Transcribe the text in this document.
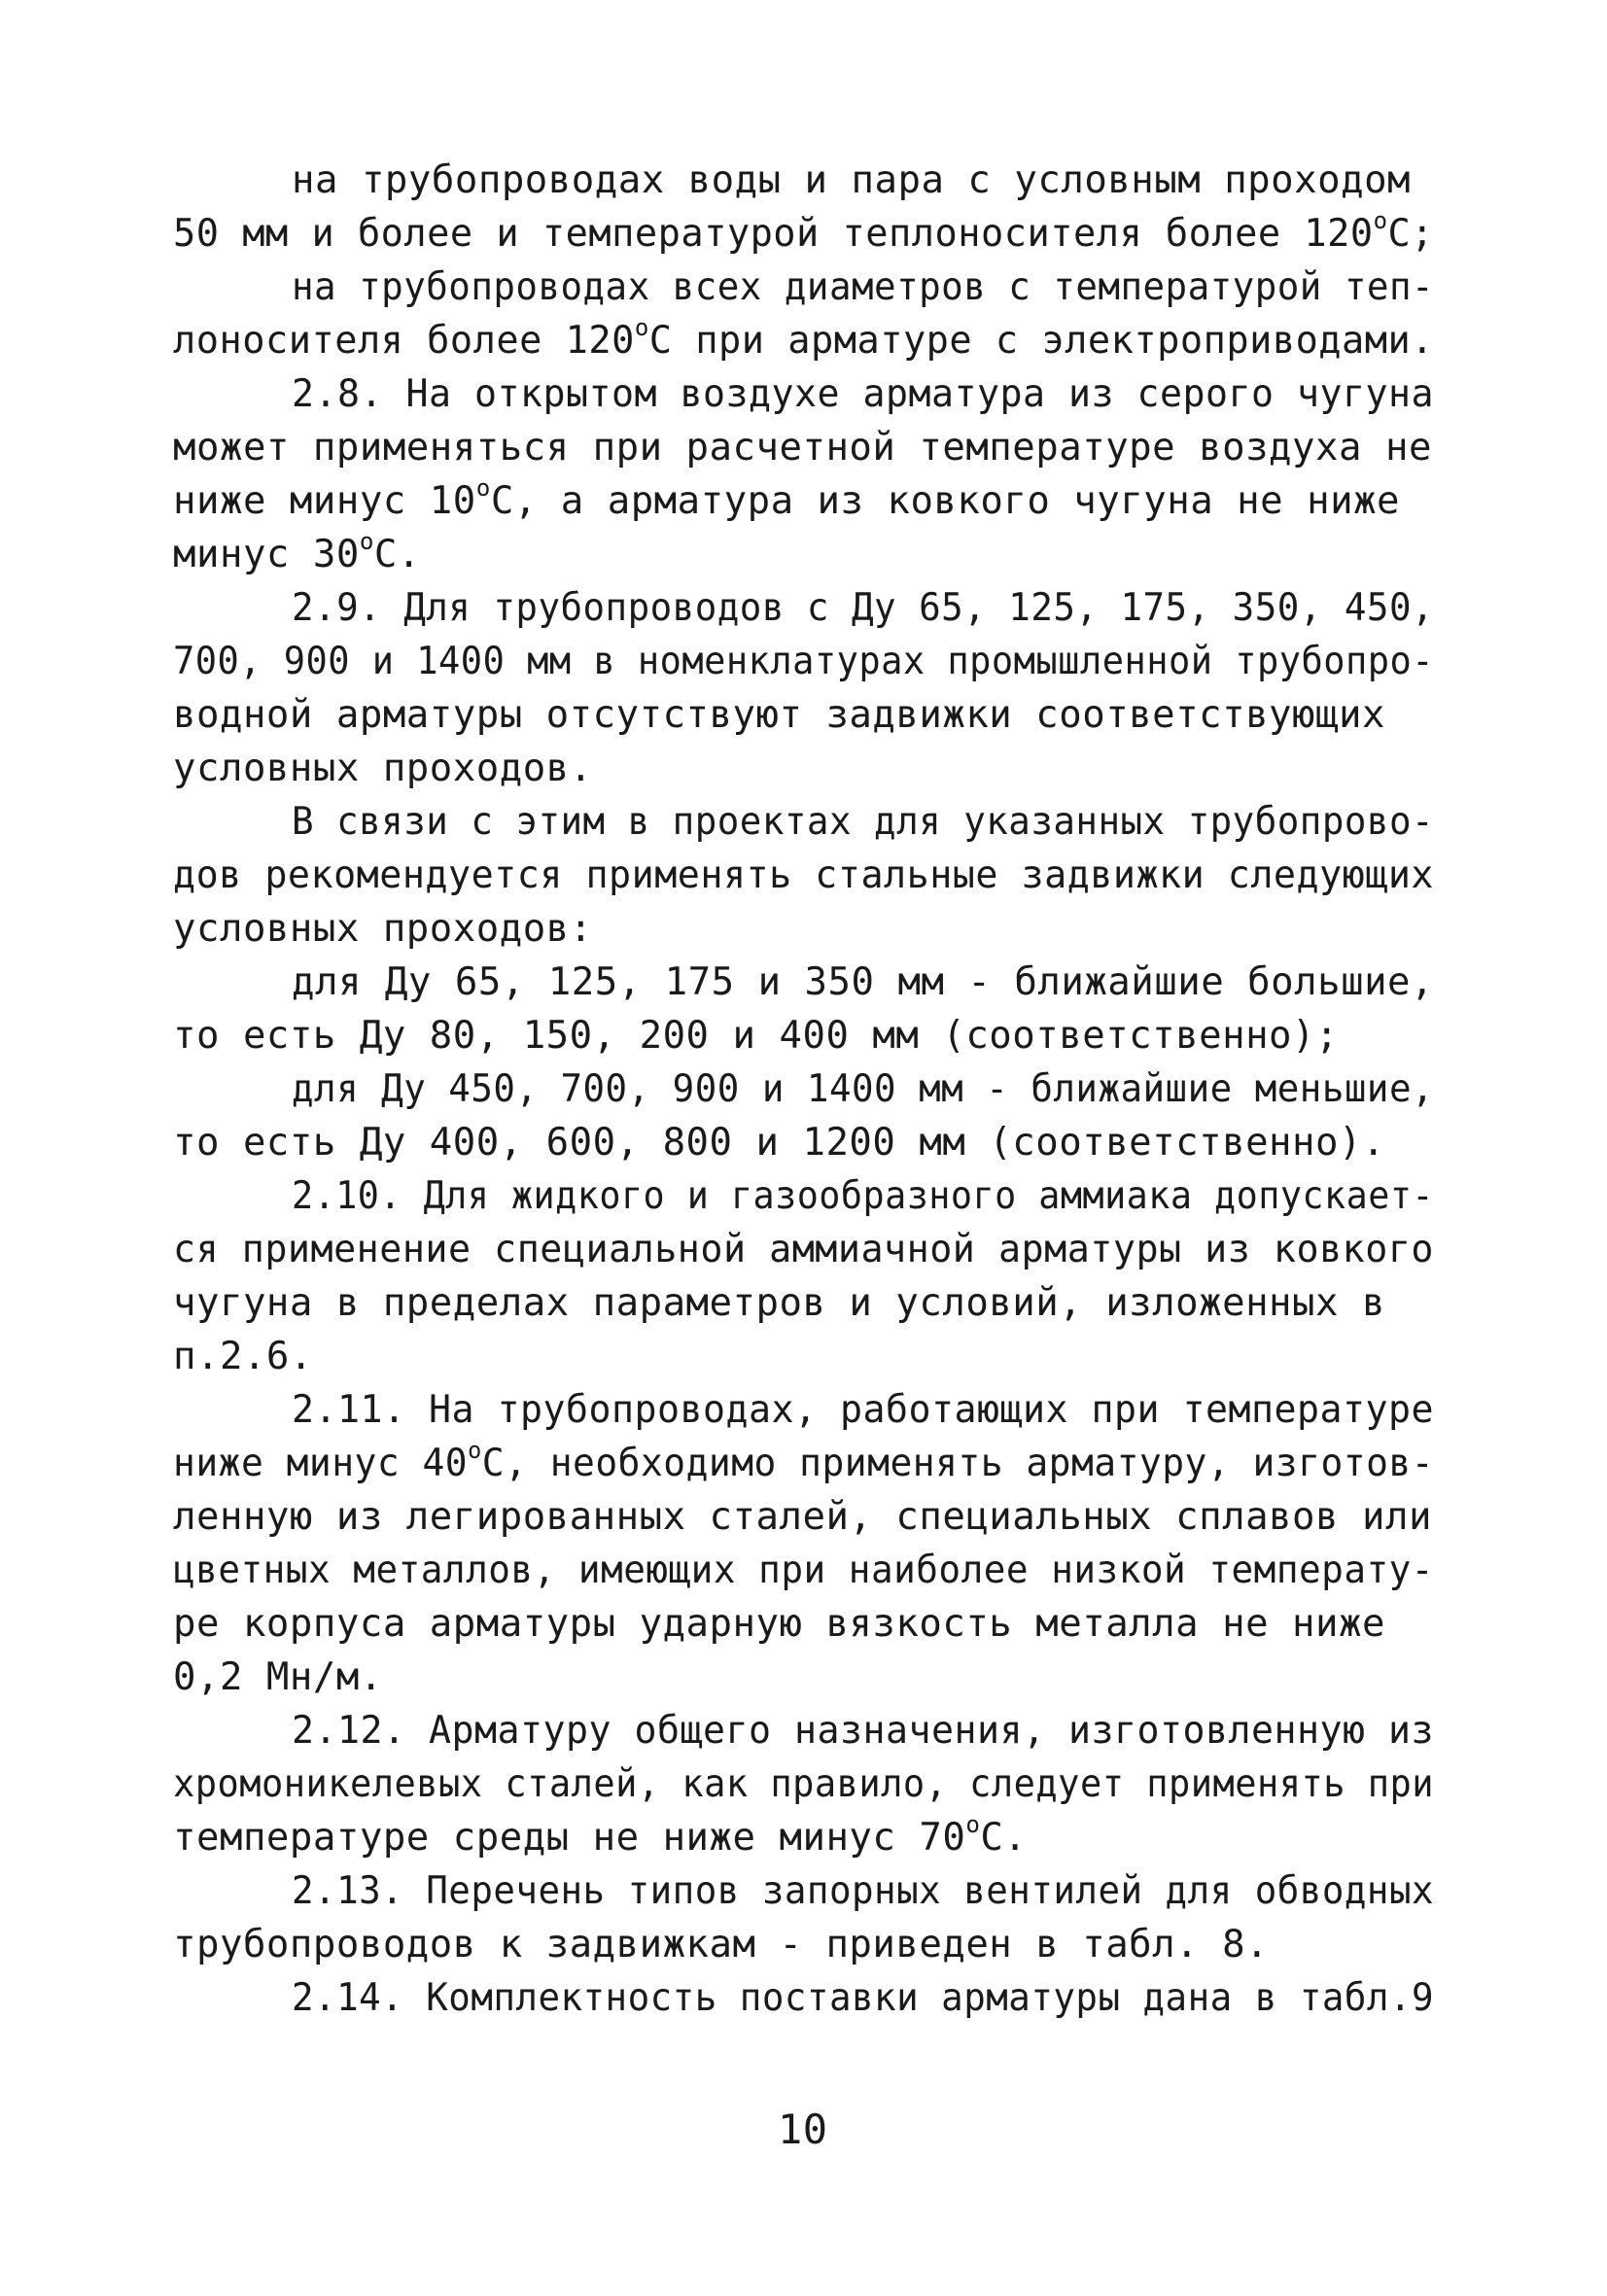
на трубопроводах воды и пара с условным проходом
50 мм и более и температурой теплоносителя более 120$^o$C;
на трубопроводах всех диаметров с температурой теп-
лоносителя более 120$^o$C при арматуре с электроприводами.
2.8. На открытом воздухе арматура из серого чугуна
может применяться при расчетной температуре воздуха не
ниже минус 10$^o$C, а арматура из ковкого чугуна не ниже
минус 30$^o$C.
2.9. Для трубопроводов с Ду 65, 125, 175, 350, 450,
700, 900 и 1400 мм в номенклатурах промышленной трубопро-
водной арматуры отсутствуют задвижки соответствующих
условных проходов.
В связи с этим в проектах для указанных трубопрово-
дов рекомендуется применять стальные задвижки следующих
условных проходов:
для Ду 65, 125, 175 и 350 мм - ближайшие большие,
то есть Ду 80, 150, 200 и 400 мм (соответственно);
для Ду 450, 700, 900 и 1400 мм - ближайшие меньшие,
то есть Ду 400, 600, 800 и 1200 мм (соответственно).
2.10. Для жидкого и газообразного аммиака допускает-
ся применение специальной аммиачной арматуры из ковкого
чугуна в пределах параметров и условий, изложенных в
п.2.6.
2.11. На трубопроводах, работающих при температуре
ниже минус 40$^o$C, необходимо применять арматуру, изготов-
ленную из легированных сталей, специальных сплавов или
цветных металлов, имеющих при наиболее низкой температу-
ре корпуса арматуры ударную вязкость металла не ниже
0,2 Мн/м.
2.12. Арматуру общего назначения, изготовленную из
хромоникелевых сталей, как правило, следует применять при
температуре среды не ниже минус 70$^o$C.
2.13. Перечень типов запорных вентилей для обводных
трубопроводов к задвижкам - приведен в табл. 8.
2.14. Комплектность поставки арматуры дана в табл.9
10
